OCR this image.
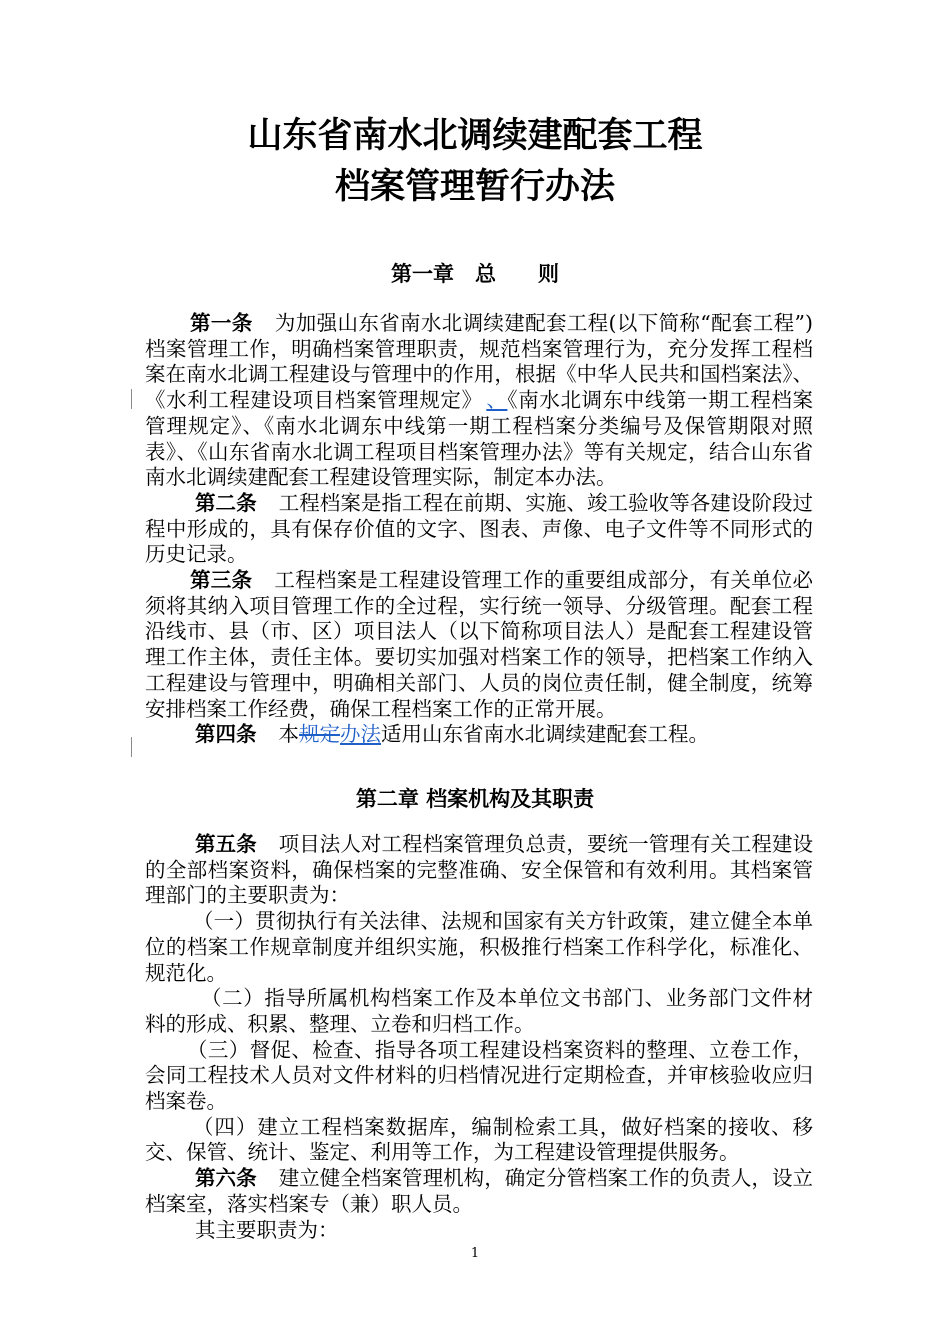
山东省南水北调续建配套工程
档案管理暂行办法
第一章　总　　则

第一条 为加强山东省南水北调续建配套工程(以下简称“配套工程”)档案管理工作，明确档案管理职责，规范档案管理行为，充分发挥工程档案在南水北调工程建设与管理中的作用，根据《中华人民共和国档案法》、《水利工程建设项目档案管理规定》 、《南水北调东中线第一期工程档案管理规定》、《南水北调东中线第一期工程档案分类编号及保管期限对照表》、《山东省南水北调工程项目档案管理办法》等有关规定，结合山东省南水北调续建配套工程建设管理实际，制定本办法。

第二条 工程档案是指工程在前期、实施、竣工验收等各建设阶段过程中形成的，具有保存价值的文字、图表、声像、电子文件等不同形式的历史记录。

第三条 工程档案是工程建设管理工作的重要组成部分，有关单位必须将其纳入项目管理工作的全过程，实行统一领导、分级管理。配套工程沿线市、县（市、区）项目法人（以下简称项目法人）是配套工程建设管理工作主体，责任主体。要切实加强对档案工作的领导，把档案工作纳入工程建设与管理中，明确相关部门、人员的岗位责任制，健全制度，统筹安排档案工作经费，确保工程档案工作的正常开展。

第四条 本规定办法适用山东省南水北调续建配套工程。

第二章 档案机构及其职责

第五条 项目法人对工程档案管理负总责，要统一管理有关工程建设的全部档案资料，确保档案的完整准确、安全保管和有效利用。其档案管理部门的主要职责为：

（一）贯彻执行有关法律、法规和国家有关方针政策，建立健全本单位的档案工作规章制度并组织实施，积极推行档案工作科学化，标准化、规范化。

（二）指导所属机构档案工作及本单位文书部门、业务部门文件材料的形成、积累、整理、立卷和归档工作。

（三）督促、检查、指导各项工程建设档案资料的整理、立卷工作，会同工程技术人员对文件材料的归档情况进行定期检查，并审核验收应归档案卷。

（四）建立工程档案数据库，编制检索工具，做好档案的接收、移交、保管、统计、鉴定、利用等工作，为工程建设管理提供服务。

第六条 建立健全档案管理机构，确定分管档案工作的负责人，设立档案室，落实档案专（兼）职人员。

其主要职责为：

1
